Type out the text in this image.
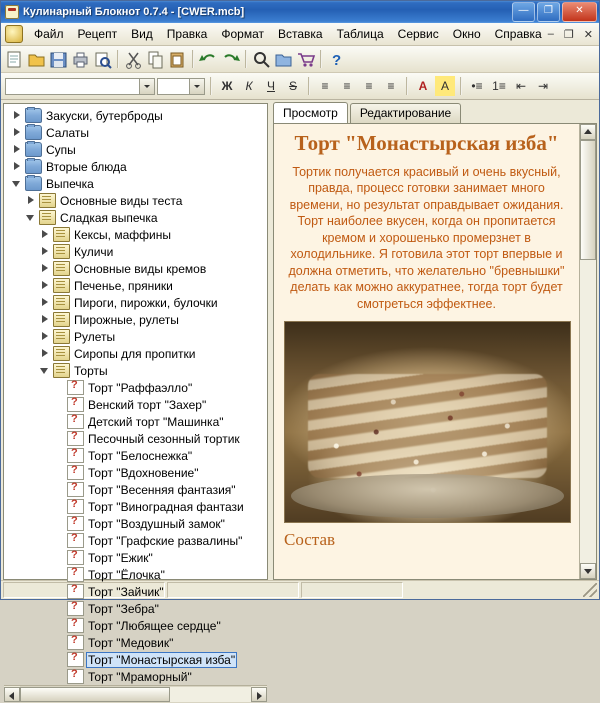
Кулинарный Блокнот 0.7.4 - [CWER.mcb]	—	❐	✕
Файл	Рецепт	Вид	Правка	Формат	Вставка	Таблица	Сервис	Окно	Справка – ❐ ✕
?
Ж	К	Ч	S	≡	≡	≡	≡	A	A	•≡ 1≡ ⇤ ⇥
Закуски, бутерброды
Салаты
Супы
Вторые блюда
Выпечка
Основные виды теста
Сладкая выпечка
Кексы, маффины
Куличи
Основные виды кремов
Печенье, пряники
Пироги, пирожки, булочки
Пирожные, рулеты
Рулеты
Сиропы для пропитки
Торты
?
Торт "Раффаэлло"
?
Венский торт "Захер"
?
Детский торт "Машинка"
?
Песочный сезонный тортик
?
Торт "Белоснежка"
?
Торт "Вдохновение"
?
Торт "Весенняя фантазия"
?
Торт "Виноградная фантази
?
Торт "Воздушный замок"
?
Торт "Графские развалины"
?
Торт "Ежик"
?
Торт "Ёлочка"
?
Торт "Зайчик"
?
Торт "Зебра"
?
Торт "Любящее сердце"
?
Торт "Медовик"
?
Торт "Монастырская изба"
?
Торт "Мраморный"
Просмотр	Редактирование
Торт "Монастырская изба"
Тортик получается красивый и очень вкусный, правда, процесс готовки занимает много времени, но результат оправдывает ожидания. Торт наиболее вкусен, когда он пропитается кремом и хорошенько промерзнет в холодильнике. Я готовила этот торт впервые и должна отметить, что желательно "бревнышки" делать как можно аккуратнее, тогда торт будет смотреться эффектнее.
Состав
